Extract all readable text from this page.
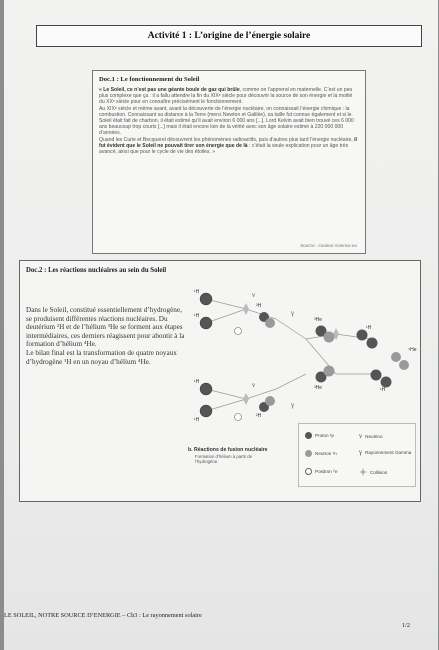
Activité 1 : L’origine de l’énergie solaire
Doc.1 : Le fonctionnement du Soleil
« Le Soleil, ce n’est pas une géante boule de gaz qui brûle, comme on l’apprend en maternelle. C’est un peu plus complexe que ça : il a fallu attendre la fin du XIXᵉ siècle pour découvrir la source de son énergie et la moitié du XXᵉ siècle pour en connaître précisément le fonctionnement.
Au XIXᵉ siècle et même avant, avant la découverte de l’énergie nucléaire, on connaissait l’énergie chimique : la combustion. Connaissant sa distance à la Terre (merci Newton et Galilée), sa taille fut connue également et si le Soleil était fait de charbon, il était estimé qu’il avait environ 6 000 ans [...]. Lord Kelvin avait bien trouvé ces 6 000 ans beaucoup trop courts [...] mais il était encore loin de la vérité avec son âge solaire estimé à 220 000 000 d’années.
Quand les Curie et Becquerel découvrent les phénomènes radioactifs, puis d’autres plus tard l’énergie nucléaire, il fut évident que le Soleil ne pouvait tirer son énergie que de là : c’était la seule explication pour un âge très avancé, ainsi que pour le cycle de vie des étoiles. »
Source : couleur-science.eu
Doc.2 : Les réactions nucléaires au sein du Soleil
Dans le Soleil, constitué essentiellement d’hydrogène, se produisent différentes réactions nucléaires. Du deutérium ²H et de l’hélium ³He se forment aux étapes intermédiaires, ces derniers réagissent pour aboutir à la formation d’hélium ⁴He.
Le bilan final est la transformation de quatre noyaux d’hydrogène ¹H en un noyau d’hélium ⁴He.
¹H
¹H
²H
¹H
¹H
²H
³He
³He
⁴He
¹H
¹H
ν
ν
γ
γ
b. Réactions de fusion nucléaire
Formation d’hélium à partir de l’hydrogène.
Proton ¹p
Neutron ¹n
Positron ⁰e
ν Neutrino
γ Rayonnement Gamma
Collision
LE SOLEIL, NOTRE SOURCE D’ENERGIE – Ch3 : Le rayonnement solaire
1/2
